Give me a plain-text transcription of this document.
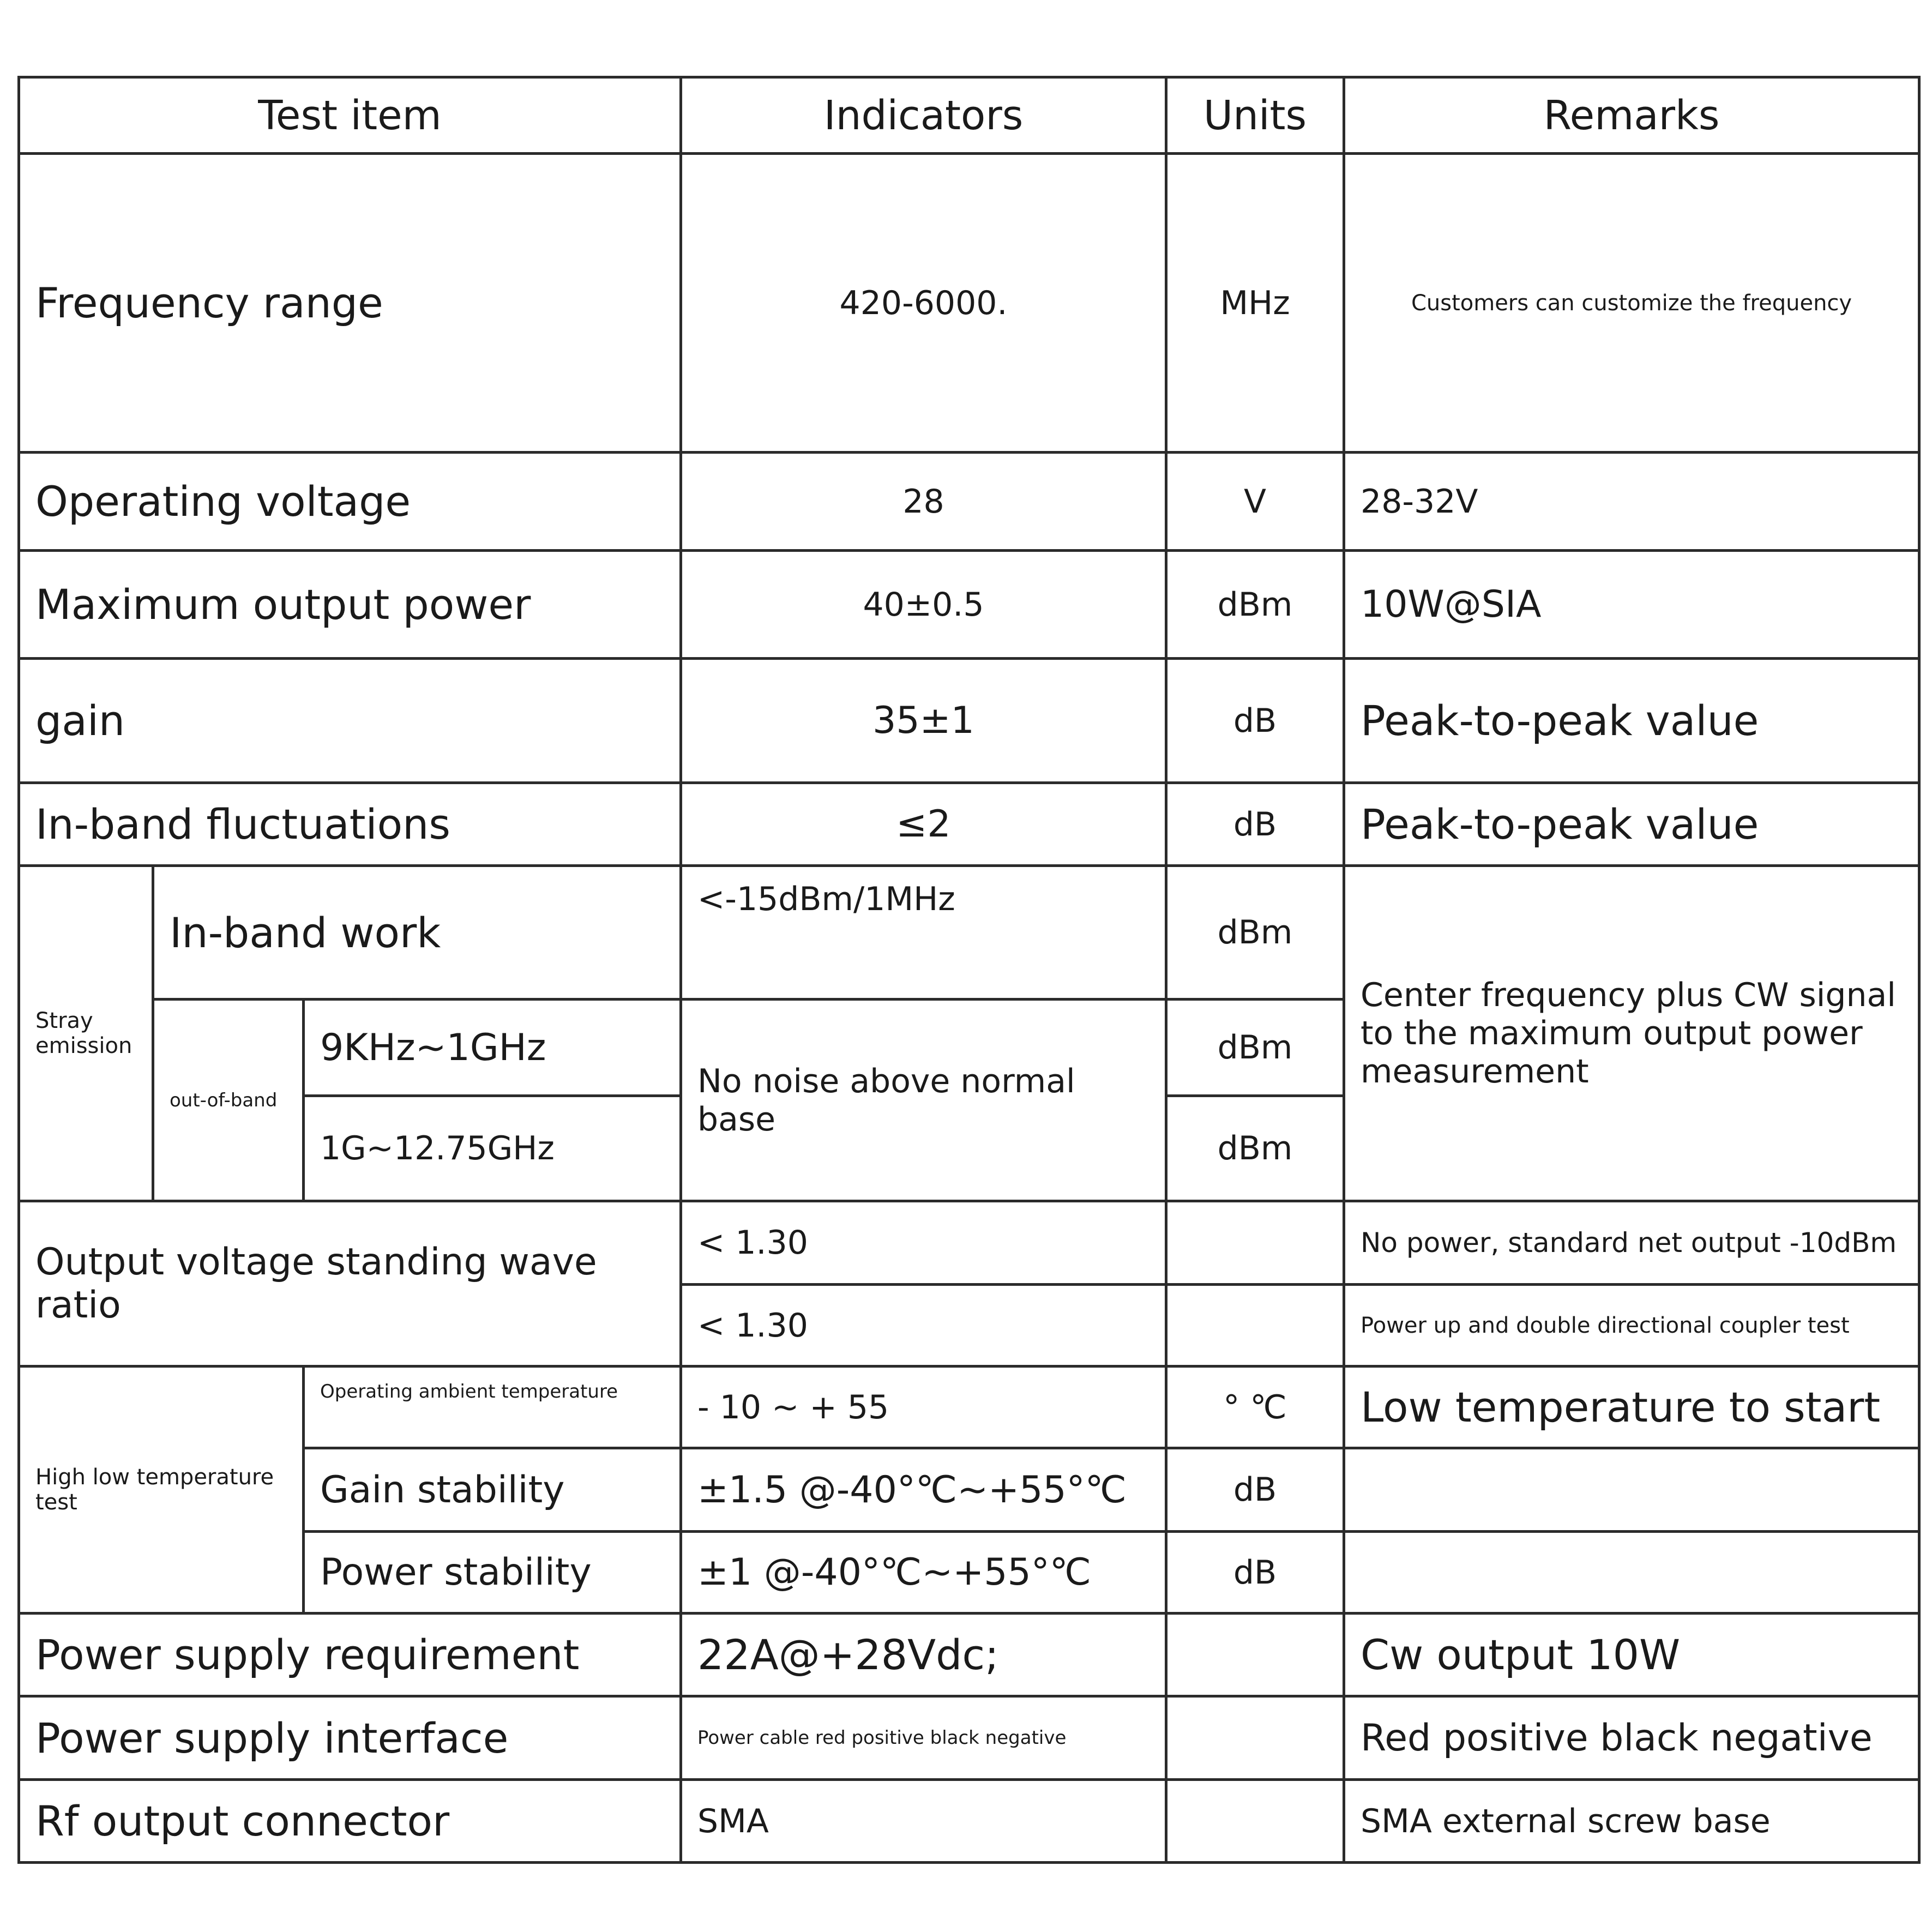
Test item			Indicators	Units	Remarks
Frequency range			420-6000.	MHz	Customers can customize the frequency
Operating voltage			28	V	28-32V
Maximum output power			40±0.5	dBm	10W@SIA
gain			35±1	dB	Peak-to-peak value
In-band fluctuations			≤2	dB	Peak-to-peak value
Stray emission	In-band work		<-15dBm/1MHz	dBm	Center frequency plus CW signal to the maximum output power measurement
	out-of-band	9KHz~1GHz	No noise above normal base	dBm	
		1G~12.75GHz		dBm	
Output voltage standing wave ratio			< 1.30		No power, standard net output -10dBm
			< 1.30		Power up and double directional coupler test
High low temperature test		Operating ambient temperature	- 10 ~ + 55	° ℃	Low temperature to start
		Gain stability	±1.5 @-40°℃~+55°℃	dB	
		Power stability	±1 @-40°℃~+55°℃	dB	
Power supply requirement			22A@+28Vdc;		Cw output 10W
Power supply interface			Power cable red positive black negative		Red positive black negative
Rf output connector			SMA		SMA external screw base
